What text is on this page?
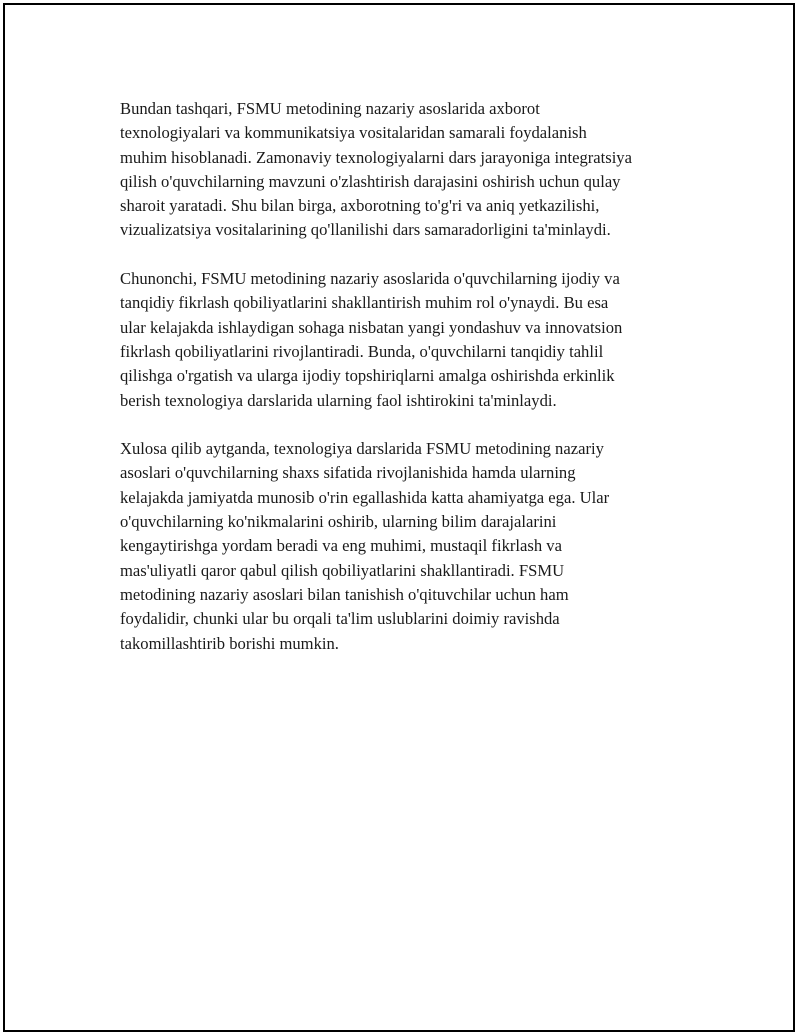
Bundan tashqari, FSMU metodining nazariy asoslarida axborot
texnologiyalari va kommunikatsiya vositalaridan samarali foydalanish
muhim hisoblanadi. Zamonaviy texnologiyalarni dars jarayoniga integratsiya
qilish o'quvchilarning mavzuni o'zlashtirish darajasini oshirish uchun qulay
sharoit yaratadi. Shu bilan birga, axborotning to'g'ri va aniq yetkazilishi,
vizualizatsiya vositalarining qo'llanilishi dars samaradorligini ta'minlaydi.

Chunonchi, FSMU metodining nazariy asoslarida o'quvchilarning ijodiy va
tanqidiy fikrlash qobiliyatlarini shakllantirish muhim rol o'ynaydi. Bu esa
ular kelajakda ishlaydigan sohaga nisbatan yangi yondashuv va innovatsion
fikrlash qobiliyatlarini rivojlantiradi. Bunda, o'quvchilarni tanqidiy tahlil
qilishga o'rgatish va ularga ijodiy topshiriqlarni amalga oshirishda erkinlik
berish texnologiya darslarida ularning faol ishtirokini ta'minlaydi.

Xulosa qilib aytganda, texnologiya darslarida FSMU metodining nazariy
asoslari o'quvchilarning shaxs sifatida rivojlanishida hamda ularning
kelajakda jamiyatda munosib o'rin egallashida katta ahamiyatga ega. Ular
o'quvchilarning ko'nikmalarini oshirib, ularning bilim darajalarini
kengaytirishga yordam beradi va eng muhimi, mustaqil fikrlash va
mas'uliyatli qaror qabul qilish qobiliyatlarini shakllantiradi. FSMU
metodining nazariy asoslari bilan tanishish o'qituvchilar uchun ham
foydalidir, chunki ular bu orqali ta'lim uslublarini doimiy ravishda
takomillashtirib borishi mumkin.
